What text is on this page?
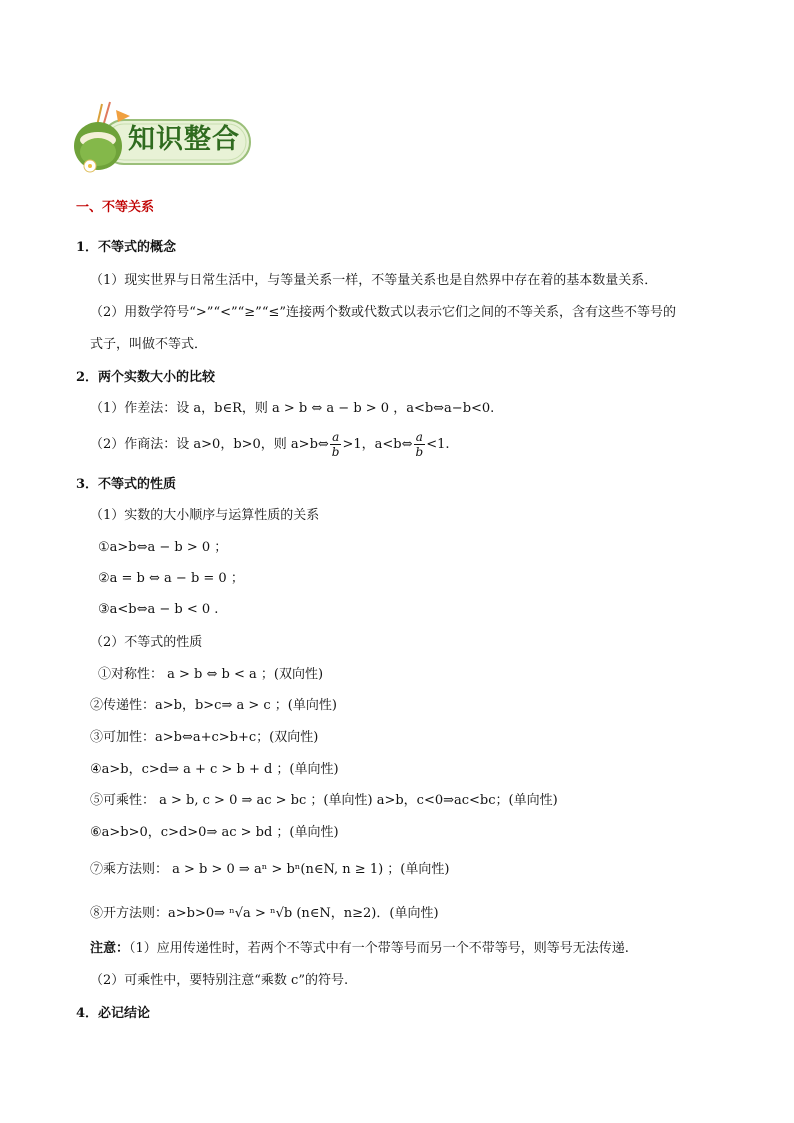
知识整合
一、不等关系
1．不等式的概念
（1）现实世界与日常生活中，与等量关系一样，不等量关系也是自然界中存在着的基本数量关系．
（2）用数学符号“>”“<”“≥”“≤”连接两个数或代数式以表示它们之间的不等关系，含有这些不等号的
式子，叫做不等式．
2．两个实数大小的比较
（1）作差法：设 a，b∈R，则 a > b ⇔ a − b > 0 ，a<b⇔a−b<0.
（2）作商法：设 a>0，b>0，则 a>b⇔ $\frac{a}{b} >1$，a<b⇔ $\frac{a}{b} <1$.
3．不等式的性质
（1）实数的大小顺序与运算性质的关系
①a>b⇔a − b > 0 ；
②a = b ⇔ a − b = 0 ；
③a<b⇔a − b < 0 .
（2）不等式的性质
①对称性： a > b ⇔ b < a ；(双向性)
②传递性：a>b，b>c⇒ a > c ；(单向性)
③可加性：a>b⇔a+c>b+c；(双向性)
④a>b，c>d⇒ a + c > b + d ；(单向性)
⑤可乘性： a > b, c > 0 ⇒ ac > bc ；(单向性) a>b，c<0⇒ac<bc；(单向性)
⑥a>b>0，c>d>0⇒ ac > bd ；(单向性)
⑦乘方法则： a > b > 0 ⇒ aⁿ > bⁿ(n∈N, n ≥ 1) ；(单向性)
⑧开方法则：a>b>0⇒ ⁿ√a > ⁿ√b (n∈N，n≥2)．(单向性)
注意：（1）应用传递性时，若两个不等式中有一个带等号而另一个不带等号，则等号无法传递.
（2）可乘性中，要特别注意“乘数 c”的符号.
4．必记结论
